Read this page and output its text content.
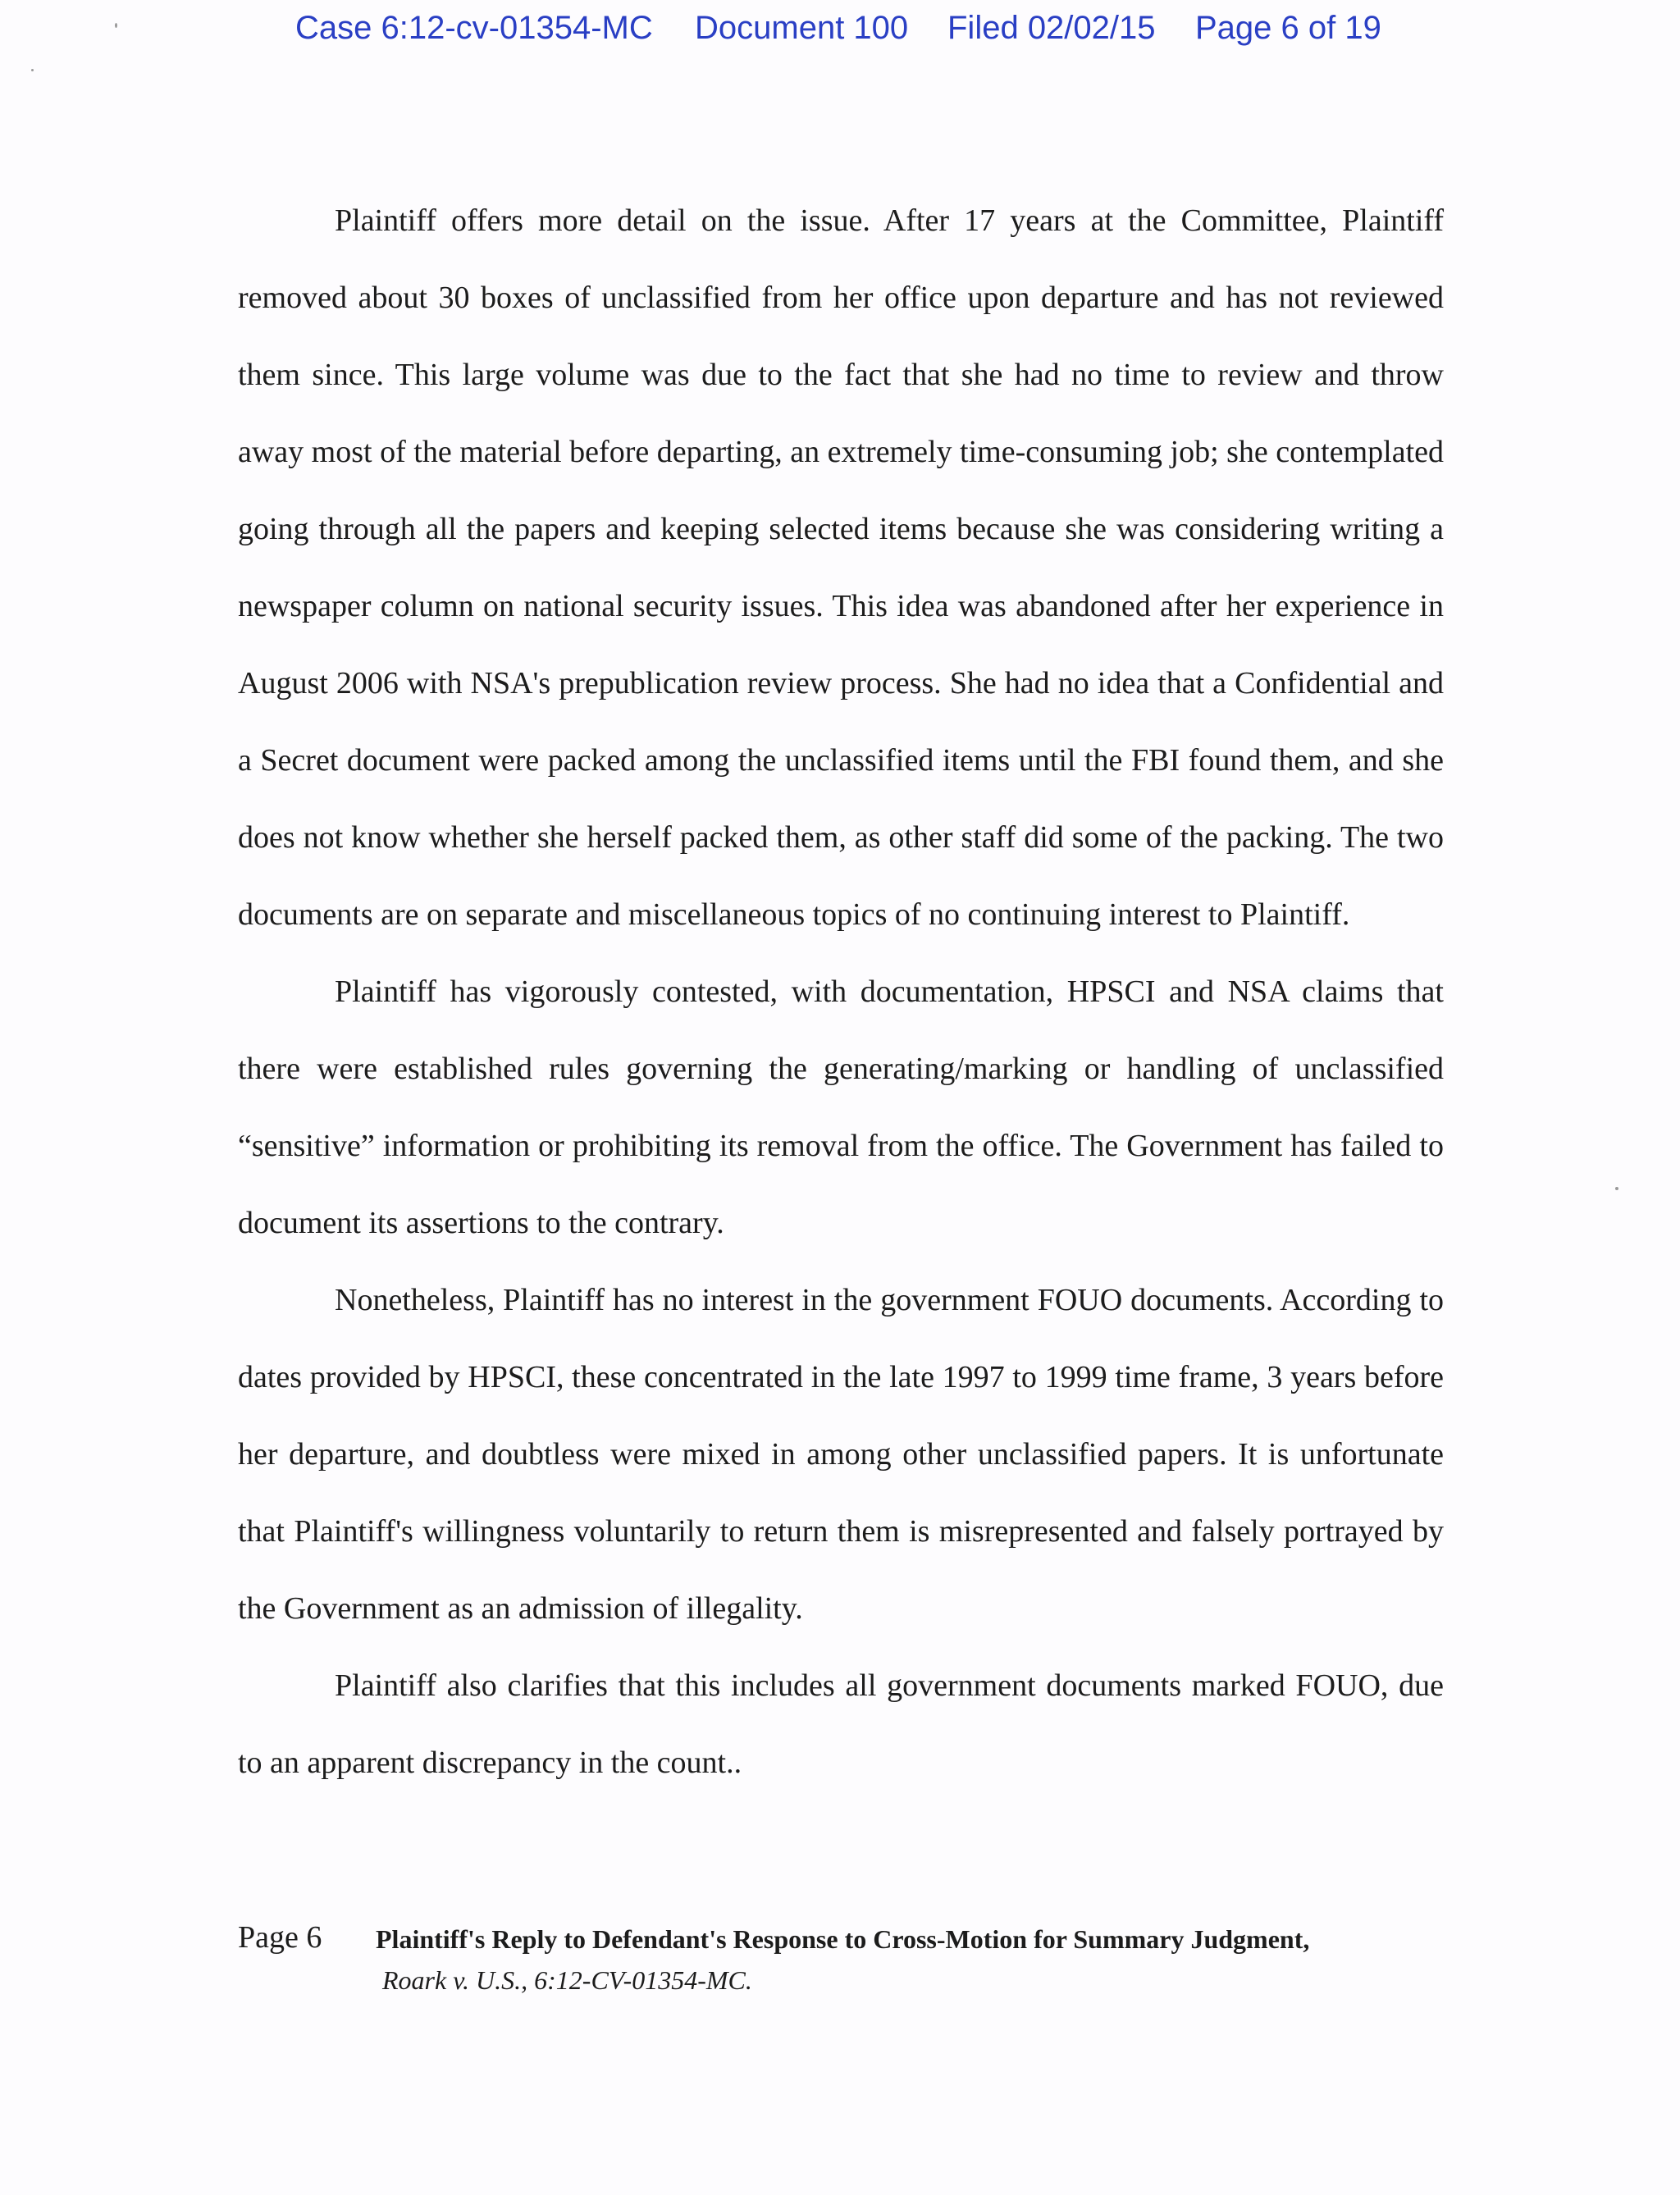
Case 6:12-cv-01354-MC Document 100 Filed 02/02/15 Page 6 of 19

Plaintiff offers more detail on the issue. After 17 years at the Committee, Plaintiff removed about 30 boxes of unclassified from her office upon departure and has not reviewed them since. This large volume was due to the fact that she had no time to review and throw away most of the material before departing, an extremely time-consuming job; she contemplated going through all the papers and keeping selected items because she was considering writing a newspaper column on national security issues. This idea was abandoned after her experience in August 2006 with NSA's prepublication review process. She had no idea that a Confidential and a Secret document were packed among the unclassified items until the FBI found them, and she does not know whether she herself packed them, as other staff did some of the packing. The two documents are on separate and miscellaneous topics of no continuing interest to Plaintiff.

Plaintiff has vigorously contested, with documentation, HPSCI and NSA claims that there were established rules governing the generating/marking or handling of unclassified “sensitive” information or prohibiting its removal from the office. The Government has failed to document its assertions to the contrary.

Nonetheless, Plaintiff has no interest in the government FOUO documents. According to dates provided by HPSCI, these concentrated in the late 1997 to 1999 time frame, 3 years before her departure, and doubtless were mixed in among other unclassified papers. It is unfortunate that Plaintiff's willingness voluntarily to return them is misrepresented and falsely portrayed by the Government as an admission of illegality.

Plaintiff also clarifies that this includes all government documents marked FOUO, due to an apparent discrepancy in the count..

Page 6 Plaintiff's Reply to Defendant's Response to Cross-Motion for Summary Judgment,
Roark v. U.S., 6:12-CV-01354-MC.
